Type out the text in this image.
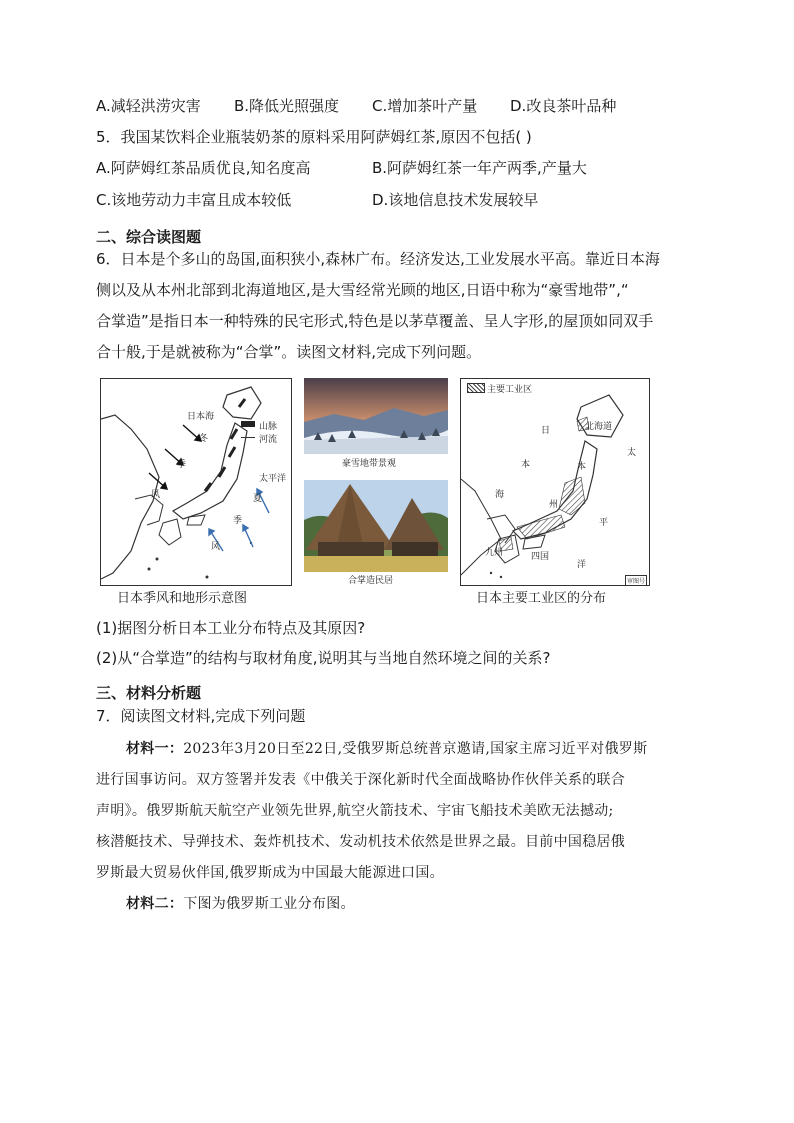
A.减轻洪涝灾害 B.降低光照强度 C.增加茶叶产量 D.改良茶叶品种
5．我国某饮料企业瓶装奶茶的原料采用阿萨姆红茶,原因不包括( )
A.阿萨姆红茶品质优良,知名度高	B.阿萨姆红茶一年产两季,产量大
C.该地劳动力丰富且成本较低	D.该地信息技术发展较早
二、综合读图题
6．日本是个多山的岛国,面积狭小,森林广布。经济发达,工业发展水平高。靠近日本海
侧以及从本州北部到北海道地区,是大雪经常光顾的地区,日语中称为“豪雪地带”,“
合掌造”是指日本一种特殊的民宅形式,特色是以茅草覆盖、呈人字形,的屋顶如同双手
合十般,于是就被称为“合掌”。读图文材料,完成下列问题。
日本海
山脉
河流
太平洋
冬
季
风	夏
季
风
日本季风和地形示意图
豪雪地带景观
合掌造民居
主要工业区
北海道
日
本
海
太
平
洋
本
州
九州	四国
审图号
日本主要工业区的分布
(1)据图分析日本工业分布特点及其原因?
(2)从“合掌造”的结构与取材角度,说明其与当地自然环境之间的关系?
三、材料分析题
7．阅读图文材料,完成下列问题
材料一：2023年3月20日至22日,受俄罗斯总统普京邀请,国家主席习近平对俄罗斯
进行国事访问。双方签署并发表《中俄关于深化新时代全面战略协作伙伴关系的联合
声明》。俄罗斯航天航空产业领先世界,航空火箭技术、宇宙飞船技术美欧无法撼动;
核潜艇技术、导弹技术、轰炸机技术、发动机技术依然是世界之最。目前中国稳居俄
罗斯最大贸易伙伴国,俄罗斯成为中国最大能源进口国。
材料二：下图为俄罗斯工业分布图。
